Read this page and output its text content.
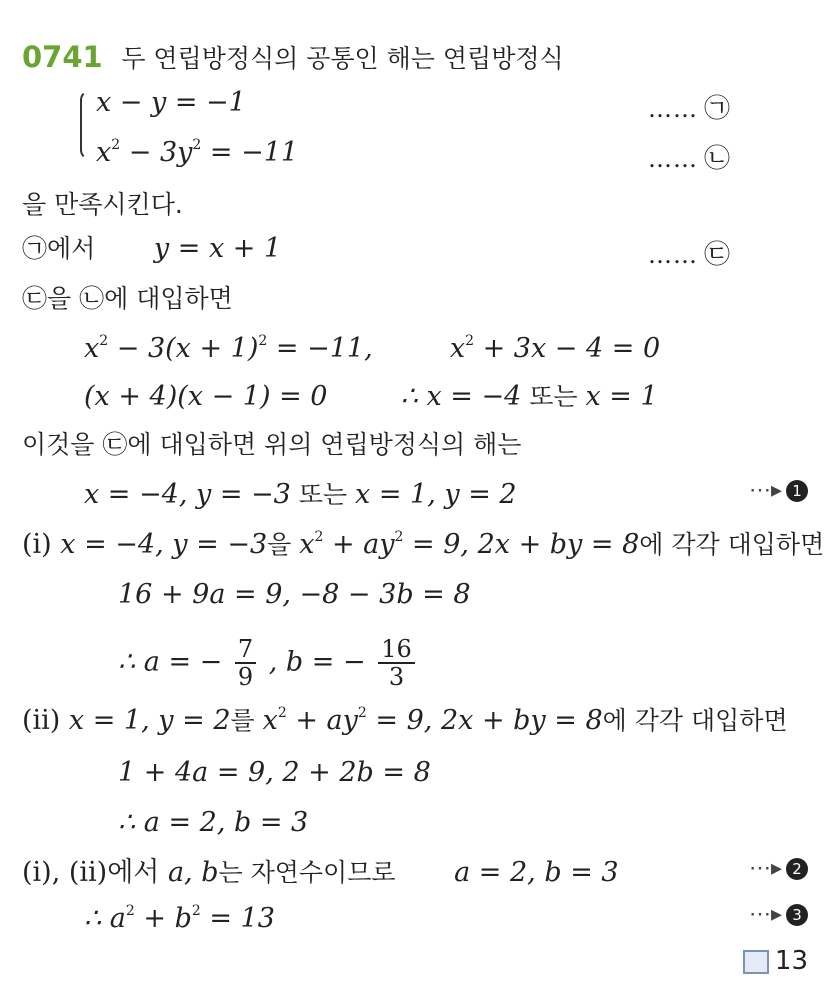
0741 두 연립방정식의 공통인 해는 연립방정식
x − y = −1	…… ㉠
$x^2 - 3y^2 = -11$	…… ㉡
을 만족시킨다.
㉠에서 y = x + 1	…… ㉢
㉢을 ㉡에 대입하면
$x^2 - 3(x + 1)^2 = -11$,	$x^2 + 3x - 4 = 0$
(x + 4)(x − 1) = 0	∴ x = −4 또는 x = 1
이것을 ㉢에 대입하면 위의 연립방정식의 해는
x = −4, y = −3 또는 x = 1, y = 2	⋯▸ 1
(ⅰ) x = −4, y = −3을 $x^2 + ay^2 = 9$, 2x + by = 8에 각각 대입하면
16 + 9a = 9, −8 − 3b = 8
∴ a = − $\frac{7}{9}$ , b = − $\frac{16}{3}$
(ⅱ) x = 1, y = 2를 $x^2 + ay^2 = 9$, 2x + by = 8에 각각 대입하면
1 + 4a = 9, 2 + 2b = 8
∴ a = 2, b = 3
(ⅰ), (ⅱ)에서 a, b는 자연수이므로 a = 2, b = 3	⋯▸ 2
∴ $a^2 + b^2 = 13$	⋯▸ 3
13
